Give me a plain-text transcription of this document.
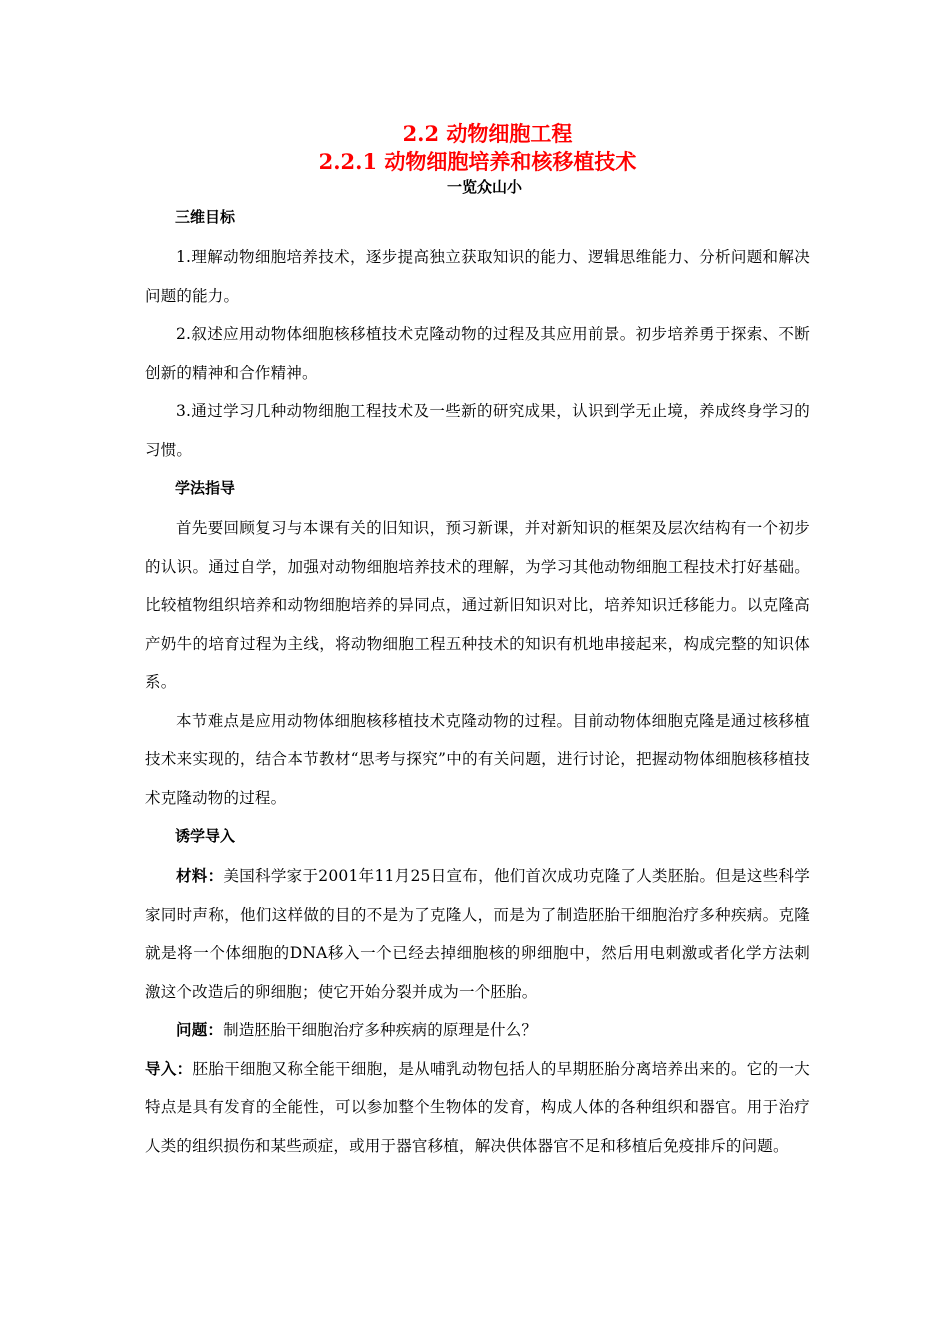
2.2 动物细胞工程
2.2.1 动物细胞培养和核移植技术
一览众山小
三维目标

1.理解动物细胞培养技术，逐步提高独立获取知识的能力、逻辑思维能力、分析问题和解决问题的能力。

2.叙述应用动物体细胞核移植技术克隆动物的过程及其应用前景。初步培养勇于探索、不断创新的精神和合作精神。

3.通过学习几种动物细胞工程技术及一些新的研究成果，认识到学无止境，养成终身学习的习惯。

学法指导

首先要回顾复习与本课有关的旧知识，预习新课，并对新知识的框架及层次结构有一个初步的认识。通过自学，加强对动物细胞培养技术的理解，为学习其他动物细胞工程技术打好基础。比较植物组织培养和动物细胞培养的异同点，通过新旧知识对比，培养知识迁移能力。以克隆高产奶牛的培育过程为主线，将动物细胞工程五种技术的知识有机地串接起来，构成完整的知识体系。

本节难点是应用动物体细胞核移植技术克隆动物的过程。目前动物体细胞克隆是通过核移植技术来实现的，结合本节教材“思考与探究”中的有关问题，进行讨论，把握动物体细胞核移植技术克隆动物的过程。

诱学导入

材料：美国科学家于2001年11月25日宣布，他们首次成功克隆了人类胚胎。但是这些科学家同时声称，他们这样做的目的不是为了克隆人，而是为了制造胚胎干细胞治疗多种疾病。克隆就是将一个体细胞的DNA移入一个已经去掉细胞核的卵细胞中，然后用电刺激或者化学方法刺激这个改造后的卵细胞；使它开始分裂并成为一个胚胎。

问题：制造胚胎干细胞治疗多种疾病的原理是什么？

导入：胚胎干细胞又称全能干细胞，是从哺乳动物包括人的早期胚胎分离培养出来的。它的一大特点是具有发育的全能性，可以参加整个生物体的发育，构成人体的各种组织和器官。用于治疗人类的组织损伤和某些顽症，或用于器官移植，解决供体器官不足和移植后免疫排斥的问题。
